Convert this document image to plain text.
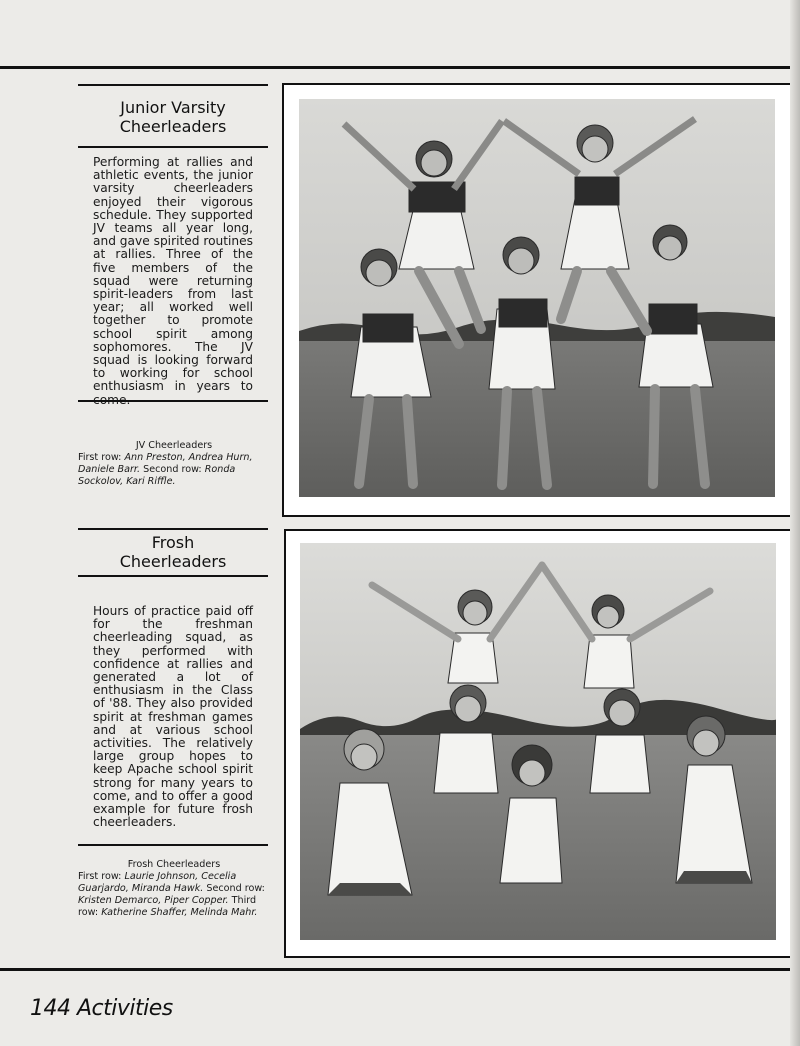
Junior Varsity
Cheerleaders
Performing at rallies and athletic events, the junior varsity cheerleaders enjoyed their vigorous schedule. They supported JV teams all year long, and gave spirited routines at rallies. Three of the five members of the squad were returning spirit-leaders from last year; all worked well together to promote school spirit among sophomores. The JV squad is looking forward to working for school enthusiasm in years to
JV Cheerleaders
First row: Ann Preston, Andrea Hurn, Daniele Barr. Second row: Ronda Sockolov, Kari Riffle.
Frosh
Cheerleaders
Hours of practice paid off for the freshman cheerleading squad, as they performed with confidence at rallies and generated a lot of enthusiasm in the Class of '88. They also provided spirit at freshman games and at various school activities. The relatively large group hopes to keep Apache school spirit strong for many years to come, and to offer a good example for future frosh cheerleaders.
Frosh Cheerleaders
First row: Laurie Johnson, Cecelia Guarjardo, Miranda Hawk. Second row: Kristen Demarco, Piper Copper. Third row: Katherine Shaffer, Melinda Mahr.
144 Activities
